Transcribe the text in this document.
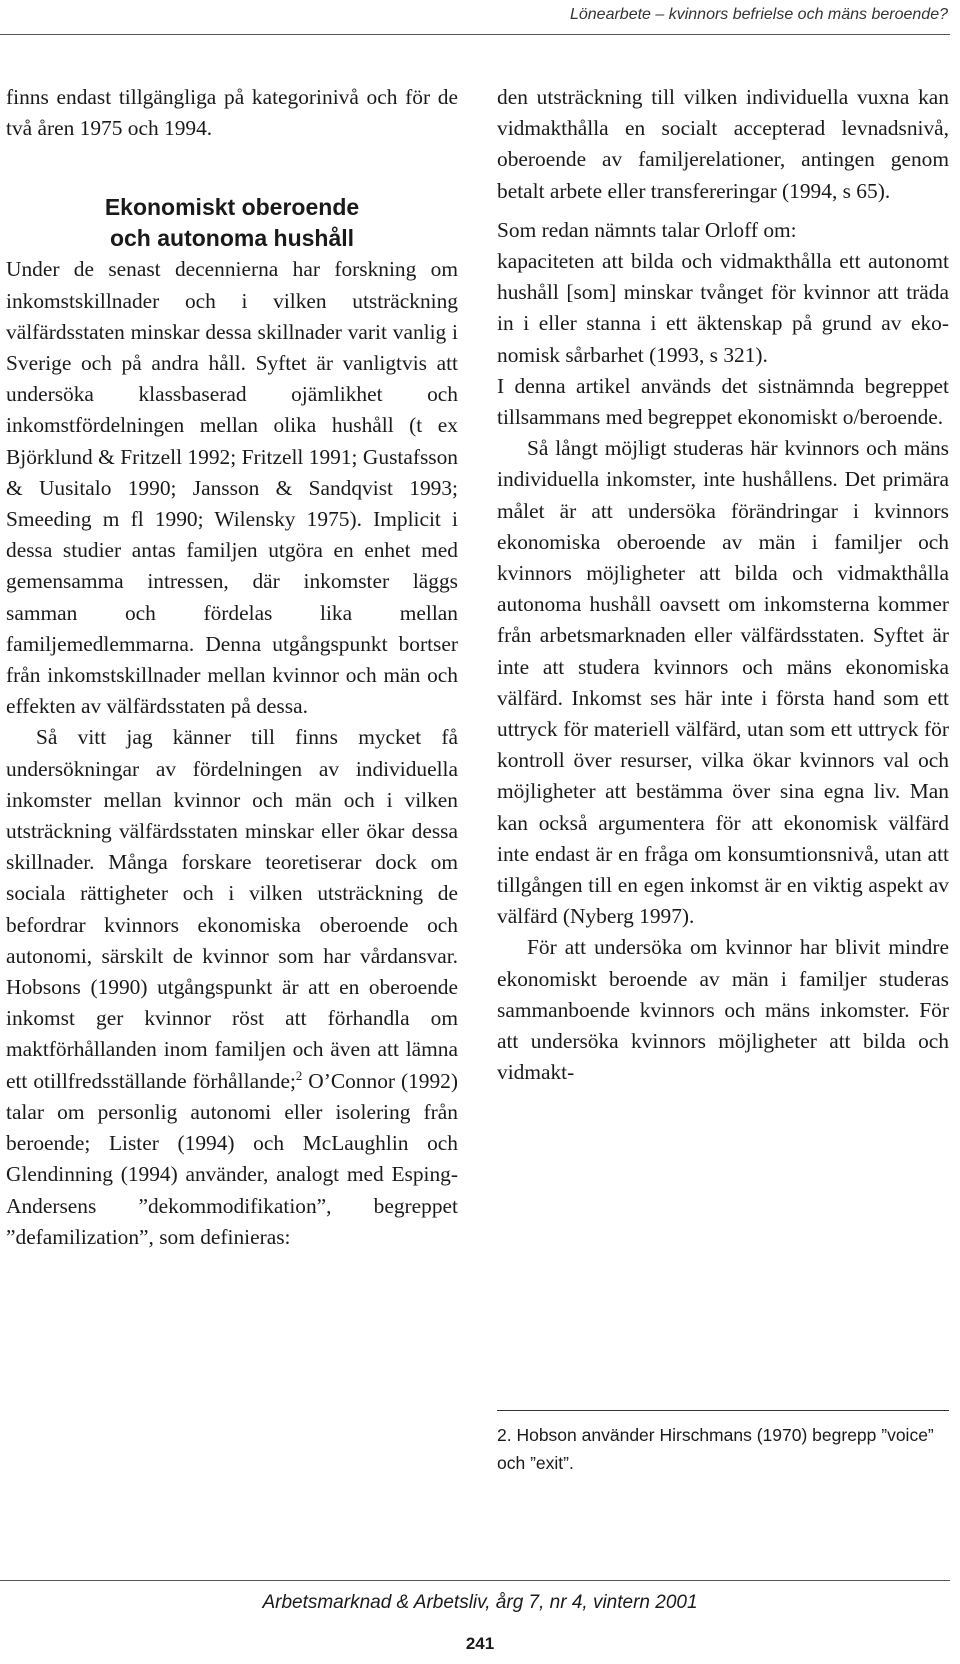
Lönearbete – kvinnors befrielse och mäns beroende?

finns endast tillgängliga på kategorinivå och för de två åren 1975 och 1994.

Ekonomiskt oberoende
och autonoma hushåll

Under de senast decennierna har forskning om inkomstskillnader och i vilken utsträckning välfärdsstaten minskar dessa skillnader varit vanlig i Sverige och på andra håll. Syftet är vanligtvis att undersöka klassbaserad ojämlikhet och inkomstfördelningen mellan olika hushåll (t ex Björklund & Fritzell 1992; Fritzell 1991; Gustafsson & Uusitalo 1990; Jansson & Sandqvist 1993; Smeeding m fl 1990; Wilensky 1975). Implicit i dessa studier antas familjen utgöra en enhet med gemensamma intressen, där inkomster läggs samman och fördelas lika mellan familjemedlemmarna. Denna utgångspunkt bortser från inkomstskillnader mellan kvinnor och män och effekten av välfärdsstaten på dessa.

Så vitt jag känner till finns mycket få undersökningar av fördelningen av individuella inkomster mellan kvinnor och män och i vilken utsträckning välfärdsstaten minskar eller ökar dessa skillnader. Många forskare teoretiserar dock om sociala rättigheter och i vilken utsträckning de befordrar kvinnors ekonomiska oberoende och autonomi, särskilt de kvinnor som har vårdansvar. Hobsons (1990) utgångspunkt är att en oberoende inkomst ger kvinnor röst att förhandla om maktförhållanden inom familjen och även att lämna ett otillfredsställande förhållande;$^2$ O’Connor (1992) talar om personlig autonomi eller isolering från beroende; Lister (1994) och McLaughlin och Glendinning (1994) använder, analogt med Esping-Andersens ”dekommodifikation”, begreppet ”defamilization”, som definieras:

den utsträckning till vilken individuella vuxna kan vidmakthålla en socialt accepterad levnadsnivå, oberoende av familjerelationer, antingen genom betalt arbete eller transfereringar (1994, s 65).

Som redan nämnts talar Orloff om:

kapaciteten att bilda och vidmakthålla ett autonomt hushåll [som] minskar tvånget för kvinnor att träda in i eller stanna i ett äktenskap på grund av ekonomisk sårbarhet (1993, s 321).

I denna artikel används det sistnämnda begreppet tillsammans med begreppet ekonomiskt o/beroende.

Så långt möjligt studeras här kvinnors och mäns individuella inkomster, inte hushållens. Det primära målet är att undersöka förändringar i kvinnors ekonomiska oberoende av män i familjer och kvinnors möjligheter att bilda och vidmakthålla autonoma hushåll oavsett om inkomsterna kommer från arbetsmarknaden eller välfärdsstaten. Syftet är inte att studera kvinnors och mäns ekonomiska välfärd. Inkomst ses här inte i första hand som ett uttryck för materiell välfärd, utan som ett uttryck för kontroll över resurser, vilka ökar kvinnors val och möjligheter att bestämma över sina egna liv. Man kan också argumentera för att ekonomisk välfärd inte endast är en fråga om konsumtionsnivå, utan att tillgången till en egen inkomst är en viktig aspekt av välfärd (Nyberg 1997).

För att undersöka om kvinnor har blivit mindre ekonomiskt beroende av män i familjer studeras sammanboende kvinnors och mäns inkomster. För att undersöka kvinnors möjligheter att bilda och vidmakt-

2. Hobson använder Hirschmans (1970) begrepp ”voice” och ”exit”.
Arbetsmarknad & Arbetsliv, årg 7, nr 4, vintern 2001
241
